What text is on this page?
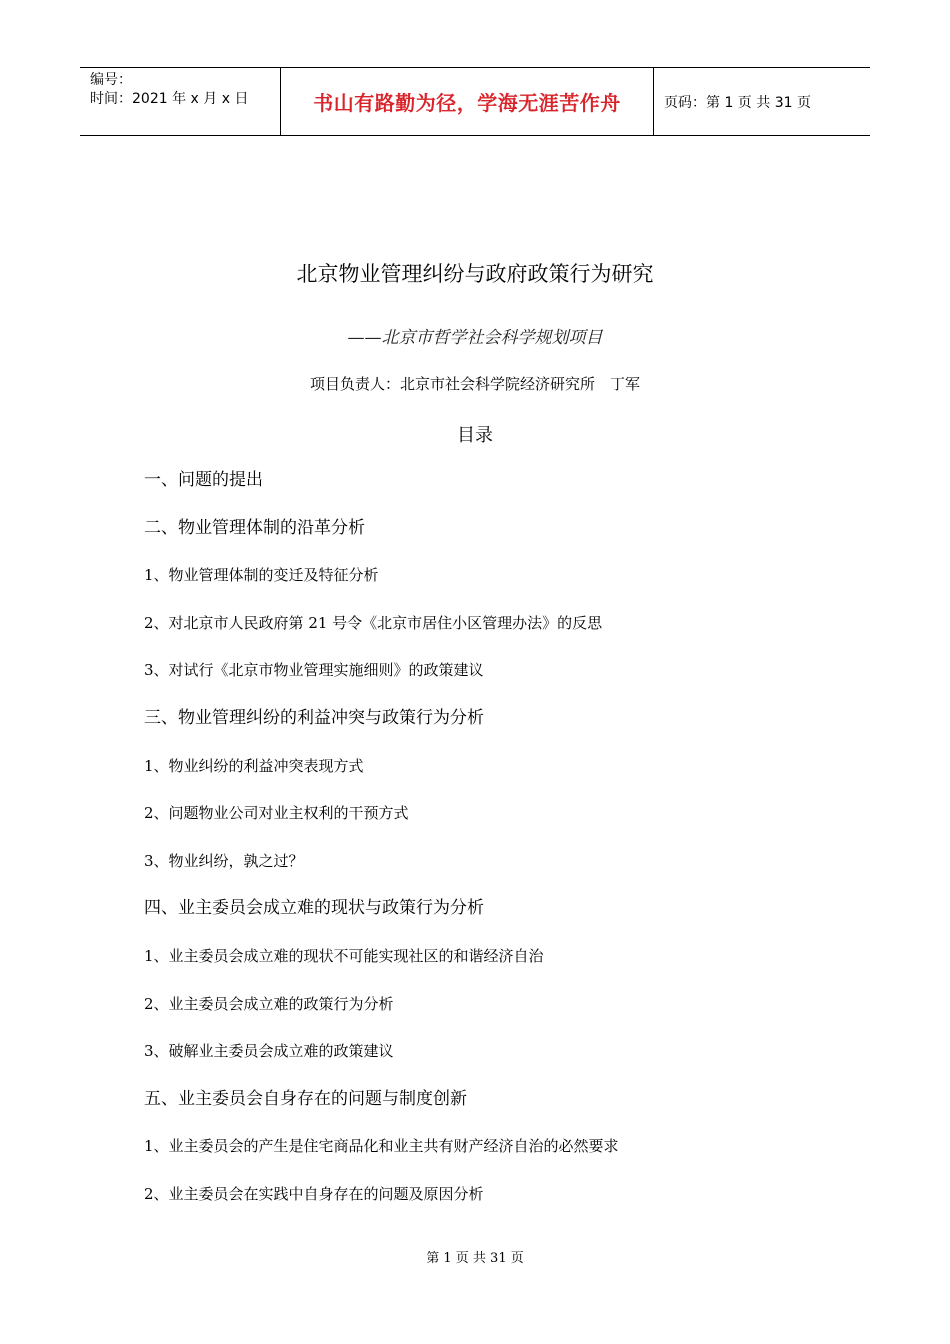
编号：
时间：2021 年 x 月 x 日	书山有路勤为径，学海无涯苦作舟	页码：第 1 页 共 31 页
北京物业管理纠纷与政府政策行为研究
——北京市哲学社会科学规划项目
项目负责人：北京市社会科学院经济研究所　丁军
目录
一、问题的提出
二、物业管理体制的沿革分析
1、物业管理体制的变迁及特征分析
2、对北京市人民政府第 21 号令《北京市居住小区管理办法》的反思
3、对试行《北京市物业管理实施细则》的政策建议
三、物业管理纠纷的利益冲突与政策行为分析
1、物业纠纷的利益冲突表现方式
2、问题物业公司对业主权利的干预方式
3、物业纠纷，孰之过？
四、业主委员会成立难的现状与政策行为分析
1、业主委员会成立难的现状不可能实现社区的和谐经济自治
2、业主委员会成立难的政策行为分析
3、破解业主委员会成立难的政策建议
五、业主委员会自身存在的问题与制度创新
1、业主委员会的产生是住宅商品化和业主共有财产经济自治的必然要求
2、业主委员会在实践中自身存在的问题及原因分析
第 1 页 共 31 页
